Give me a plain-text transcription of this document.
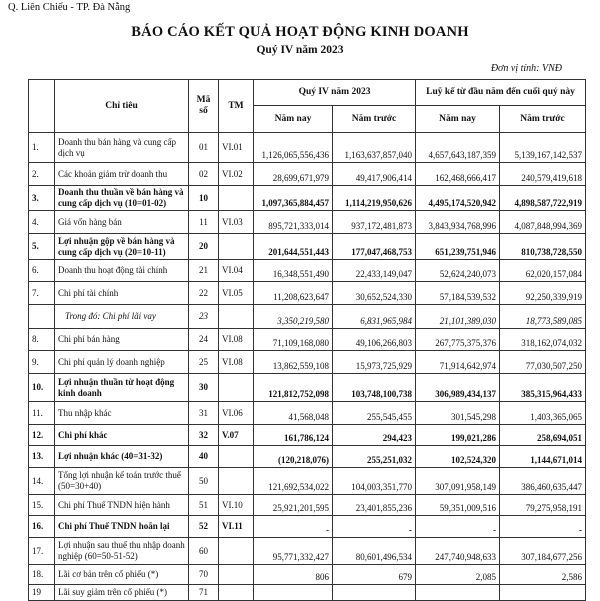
Q. Liên Chiểu - TP. Đà Nẵng
BÁO CÁO KẾT QUẢ HOẠT ĐỘNG KINH DOANH
Quý IV năm 2023
Đơn vị tính: VNĐ
	Chỉ tiêu	Mã số	TM	Quý IV năm 2023		Luỹ kế từ đầu năm đến cuối quý này	
				Năm nay	Năm trước	Năm nay	Năm trước
1.	Doanh thu bán hàng và cung cấp dịch vụ	01	VI.01	1,126,065,556,436	1,163,637,857,040	4,657,643,187,359	5,139,167,142,537
2.	Các khoản giảm trừ doanh thu	02	VI.02	28,699,671,979	49,417,906,414	162,468,666,417	240,579,419,618
3.	Doanh thu thuần về bán hàng và cung cấp dịch vụ (10=01-02)	10		1,097,365,884,457	1,114,219,950,626	4,495,174,520,942	4,898,587,722,919
4.	Giá vốn hàng bán	11	VI.03	895,721,333,014	937,172,481,873	3,843,934,768,996	4,087,848,994,369
5.	Lợi nhuận gộp về bán hàng và cung cấp dịch vụ (20=10-11)	20		201,644,551,443	177,047,468,753	651,239,751,946	810,738,728,550
6.	Doanh thu hoạt động tài chính	21	VI.04	16,348,551,490	22,433,149,047	52,624,240,073	62,020,157,084
7.	Chi phí tài chính	22	VI.05	11,208,623,647	30,652,524,330	57,184,539,532	92,250,339,919
	Trong đó: Chi phí lãi vay	23		3,350,219,580	6,831,965,984	21,101,389,030	18,773,589,085
8.	Chi phí bán hàng	24	VI.08	71,109,168,080	49,106,266,803	267,775,375,376	318,162,074,032
9.	Chi phí quản lý doanh nghiệp	25	VI.08	13,862,559,108	15,973,725,929	71,914,642,974	77,030,507,250
10.	Lợi nhuận thuần từ hoạt động kinh doanh	30		121,812,752,098	103,748,100,738	306,989,434,137	385,315,964,433
11.	Thu nhập khác	31	VI.06	41,568,048	255,545,455	301,545,298	1,403,365,065
12.	Chi phí khác	32	V.07	161,786,124	294,423	199,021,286	258,694,051
13.	Lợi nhuận khác (40=31-32)	40		(120,218,076)	255,251,032	102,524,320	1,144,671,014
14.	Tổng lợi nhuận kế toán trước thuế (50=30+40)	50		121,692,534,022	104,003,351,770	307,091,958,149	386,460,635,447
15.	Chi phí Thuế TNDN hiện hành	51	VI.10	25,921,201,595	23,401,855,236	59,351,009,516	79,275,958,191
16.	Chi phí Thuế TNDN hoãn lại	52	VI.11	-	-	-	-
17.	Lợi nhuận sau thuế thu nhập doanh nghiệp (60=50-51-52)	60		95,771,332,427	80,601,496,534	247,740,948,633	307,184,677,256
18.	Lãi cơ bản trên cổ phiếu (*)	70		806	679	2,085	2,586
19	Lãi suy giảm trên cổ phiếu (*)	71					
